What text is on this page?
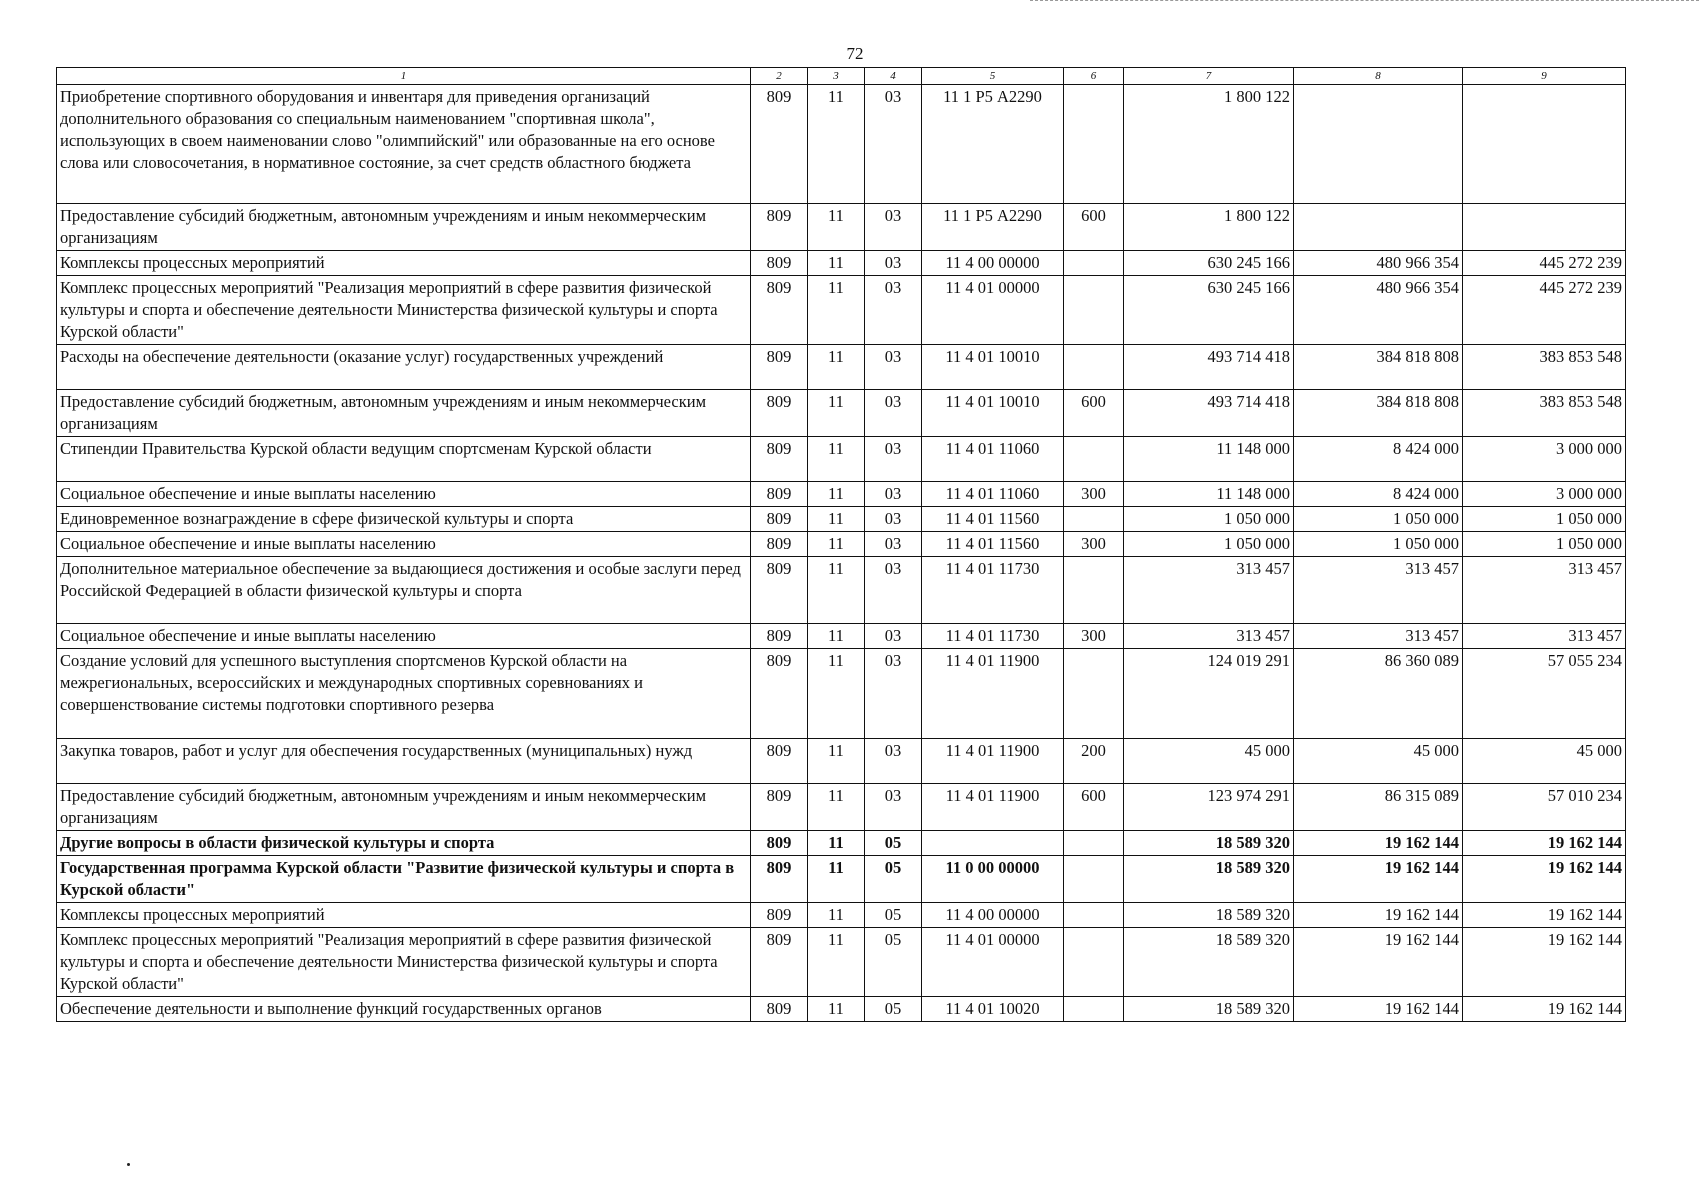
72
1	2	3	4	5	6	7	8	9
Приобретение спортивного оборудования и инвентаря для приведения организаций дополнительного образования со специальным наименованием "спортивная школа", использующих в своем наименовании слово "олимпийский" или образованные на его основе слова или словосочетания, в нормативное состояние, за счет средств областного бюджета	809	11	03	11 1 Р5 А2290		1 800 122		
Предоставление субсидий бюджетным, автономным учреждениям и иным некоммерческим организациям	809	11	03	11 1 Р5 А2290	600	1 800 122		
Комплексы процессных мероприятий	809	11	03	11 4 00 00000		630 245 166	480 966 354	445 272 239
Комплекс процессных мероприятий "Реализация мероприятий в сфере развития физической культуры и спорта и обеспечение деятельности Министерства физической культуры и спорта Курской области"	809	11	03	11 4 01 00000		630 245 166	480 966 354	445 272 239
Расходы на обеспечение деятельности (оказание услуг) государственных учреждений	809	11	03	11 4 01 10010		493 714 418	384 818 808	383 853 548
Предоставление субсидий бюджетным, автономным учреждениям и иным некоммерческим организациям	809	11	03	11 4 01 10010	600	493 714 418	384 818 808	383 853 548
Стипендии Правительства Курской области ведущим спортсменам Курской области	809	11	03	11 4 01 11060		11 148 000	8 424 000	3 000 000
Социальное обеспечение и иные выплаты населению	809	11	03	11 4 01 11060	300	11 148 000	8 424 000	3 000 000
Единовременное вознаграждение в сфере физической культуры и спорта	809	11	03	11 4 01 11560		1 050 000	1 050 000	1 050 000
Социальное обеспечение и иные выплаты населению	809	11	03	11 4 01 11560	300	1 050 000	1 050 000	1 050 000
Дополнительное материальное обеспечение за выдающиеся достижения и особые заслуги перед Российской Федерацией в области физической культуры и спорта	809	11	03	11 4 01 11730		313 457	313 457	313 457
Социальное обеспечение и иные выплаты населению	809	11	03	11 4 01 11730	300	313 457	313 457	313 457
Создание условий для успешного выступления спортсменов Курской области на межрегиональных, всероссийских и международных спортивных соревнованиях и совершенствование системы подготовки спортивного резерва	809	11	03	11 4 01 11900		124 019 291	86 360 089	57 055 234
Закупка товаров, работ и услуг для обеспечения государственных (муниципальных) нужд	809	11	03	11 4 01 11900	200	45 000	45 000	45 000
Предоставление субсидий бюджетным, автономным учреждениям и иным некоммерческим организациям	809	11	03	11 4 01 11900	600	123 974 291	86 315 089	57 010 234
Другие вопросы в области физической культуры и спорта	809	11	05			18 589 320	19 162 144	19 162 144
Государственная программа Курской области "Развитие физической культуры и спорта в Курской области"	809	11	05	11 0 00 00000		18 589 320	19 162 144	19 162 144
Комплексы процессных мероприятий	809	11	05	11 4 00 00000		18 589 320	19 162 144	19 162 144
Комплекс процессных мероприятий "Реализация мероприятий в сфере развития физической культуры и спорта и обеспечение деятельности Министерства физической культуры и спорта Курской области"	809	11	05	11 4 01 00000		18 589 320	19 162 144	19 162 144
Обеспечение деятельности и выполнение функций государственных органов	809	11	05	11 4 01 10020		18 589 320	19 162 144	19 162 144
